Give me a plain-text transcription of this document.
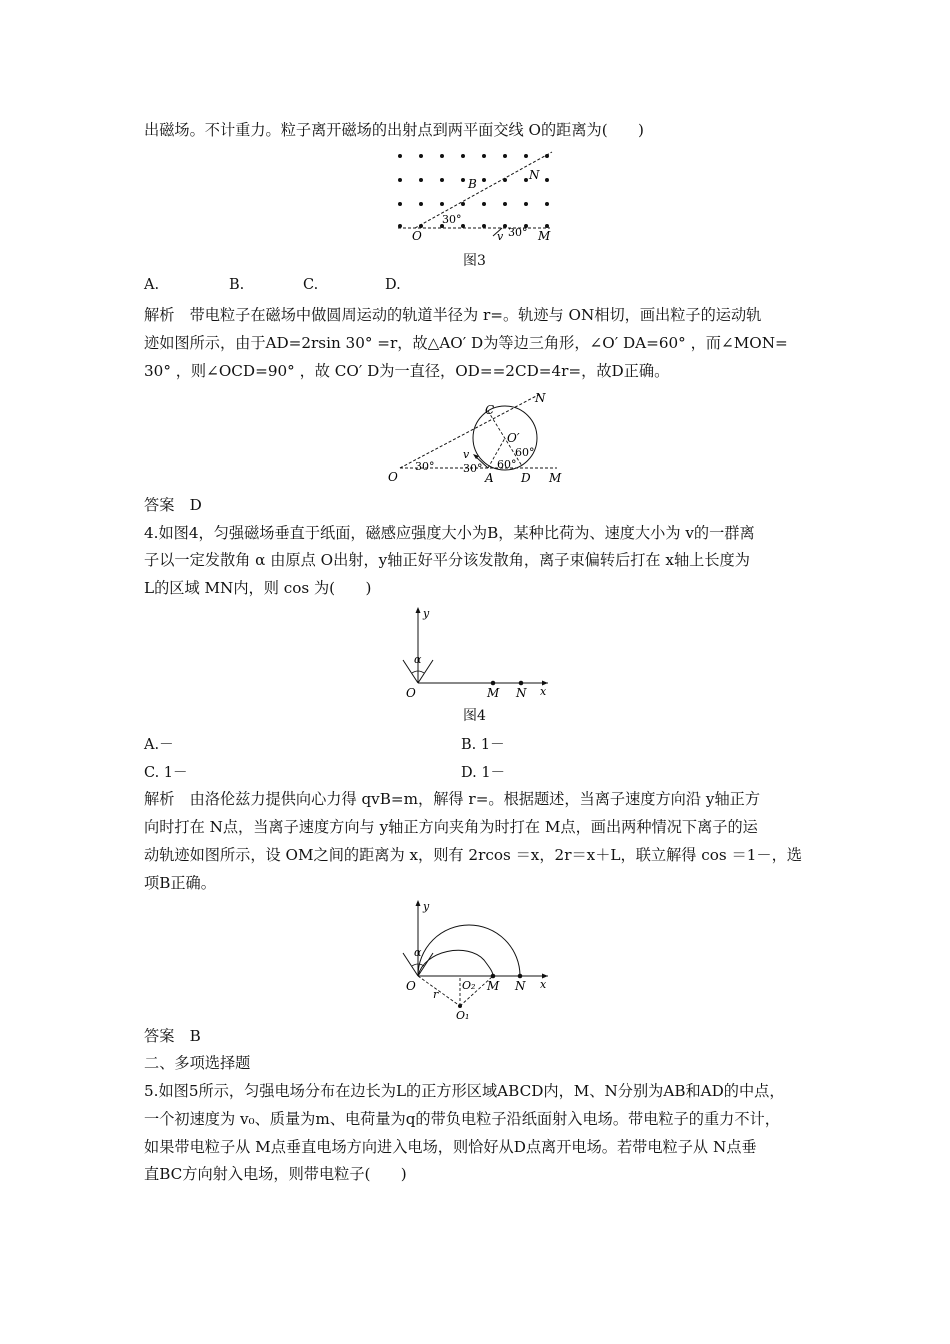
出磁场。不计重力。粒子离开磁场的出射点到两平面交线 O的距离为(　　)
B
N
O
30°
v 30° M
图3
A.	B.	C.	D.
解析　带电粒子在磁场中做圆周运动的轨道半径为 r=。轨迹与 ON相切，画出粒子的运动轨
迹如图所示，由于AD=2rsin 30° =r，故△AO′ D为等边三角形，∠O′ DA=60° ，而∠MON=
30° ，则∠OCD=90° ，故 CO′ D为一直径，OD==2CD=4r=，故D正确。
C
N
O′
60°
v
60°
30°	30°
O	A D M
答案　D
4.如图4，匀强磁场垂直于纸面，磁感应强度大小为B，某种比荷为、速度大小为 v的一群离
子以一定发散角 α 由原点 O出射，y轴正好平分该发散角，离子束偏转后打在 x轴上长度为
L的区域 MN内，则 cos 为(　　)
y
α
O	M N x
图4
A.－	B. 1－
C. 1－	D. 1－
解析　由洛伦兹力提供向心力得 qvB=m，解得 r=。根据题述，当离子速度方向沿 y轴正方
向时打在 N点，当离子速度方向与 y轴正方向夹角为时打在 M点，画出两种情况下离子的运
动轨迹如图所示，设 OM之间的距离为 x，则有 2rcos ＝x，2r＝x＋L，联立解得 cos ＝1－，选
项B正确。
y
α
O	O₂ M N x
r
O₁
答案　B
二、多项选择题
5.如图5所示，匀强电场分布在边长为L的正方形区域ABCD内，M、N分别为AB和AD的中点，
一个初速度为 v₀、质量为m、电荷量为q的带负电粒子沿纸面射入电场。带电粒子的重力不计，
如果带电粒子从 M点垂直电场方向进入电场，则恰好从D点离开电场。若带电粒子从 N点垂
直BC方向射入电场，则带电粒子(　　)
